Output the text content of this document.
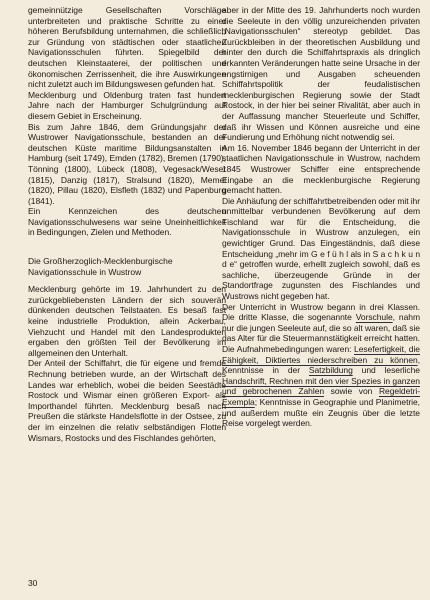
gemeinnützige Gesellschaften Vorschläge unterbreiteten und praktische Schritte zu einer höheren Berufsbildung unternahmen, die schließlich zur Gründung von städtischen oder staatlichen Navigationsschulen führten. Spiegelbild der deutschen Kleinstaaterei, der politischen und ökonomischen Zerrissenheit, die ihre Auswirkungen nicht zuletzt auch im Bildungswesen gefunden hat.

Mecklenburg und Oldenburg traten fast hundert Jahre nach der Hamburger Schulgründung auf diesem Gebiet in Erscheinung.

Bis zum Jahre 1846, dem Gründungsjahr der Wustrower Navigationsschule, bestanden an der deutschen Küste maritime Bildungsanstalten in Hamburg (seit 1749), Emden (1782), Bremen (1790), Tönning (1800), Lübeck (1808), Vegesack/Weser (1815), Danzig (1817), Stralsund (1820), Memel (1820), Pillau (1820), Elsfleth (1832) und Papenburg (1841).

Ein Kennzeichen des deutschen Navigationsschulwesens war seine Uneinheitlichkeit in Bedingungen, Zielen und Methoden.

Die Großherzoglich-Mecklenburgische Navigationsschule in Wustrow

Mecklenburg gehörte im 19. Jahrhundert zu den zurückgebliebensten Ländern der sich souverän dünkenden deutschen Teilstaaten. Es besaß fast keine industrielle Produktion, allein Ackerbau, Viehzucht und Handel mit den Landesprodukten ergaben den größten Teil der Bevölkerung im allgemeinen den Unterhalt.

Der Anteil der Schiffahrt, die für eigene und fremde Rechnung betrieben wurde, an der Wirtschaft des Landes war erheblich, wobei die beiden Seestädte Rostock und Wismar einen größeren Export- als Importhandel führten. Mecklenburg besaß nach Preußen die stärkste Handelsflotte in der Ostsee, zu der im einzelnen die relativ selbständigen Flotten Wismars, Rostocks und des Fischlandes gehörten,

aber in der Mitte des 19. Jahrhunderts noch wurden die Seeleute in den völlig unzureichenden privaten „Navigationsschulen“ stereotyp gebildet. Das Zurückbleiben in der theoretischen Ausbildung und hinter den durch die Schiffahrtspraxis als dringlich erkannten Veränderungen hatte seine Ursache in der engstirnigen und Ausgaben scheuenden Schiffahrtspolitik der feudalistischen mecklenburgischen Regierung sowie der Stadt Rostock, in der hier bei seiner Rivalität, aber auch in der Auffassung mancher Steuerleute und Schiffer, daß ihr Wissen und Können ausreiche und eine Fundierung und Erhöhung nicht notwendig sei.

Am 16. November 1846 begann der Unterricht in der staatlichen Navigationsschule in Wustrow, nachdem 1845 Wustrower Schiffer eine entsprechende Eingabe an die mecklenburgische Regierung gemacht hatten.

Die Anhäufung der schiffahrtbetreibenden oder mit ihr unmittelbar verbundenen Bevölkerung auf dem Fischland war für die Entscheidung, die Navigationsschule in Wustrow anzulegen, ein gewichtiger Grund. Das Eingeständnis, daß diese Entscheidung „mehr im G e f ü h l als in S a c h k u n d e“ getroffen wurde, erhellt zugleich sowohl, daß es sachliche, überzeugende Gründe in der Standortfrage zugunsten des Fischlandes und Wustrows nicht gegeben hat.

Der Unterricht in Wustrow begann in drei Klassen. Die dritte Klasse, die sogenannte Vorschule, nahm nur die jungen Seeleute auf, die so alt waren, daß sie das Alter für die Steuermannstätigkeit erreicht hatten. Die Aufnahmebedingungen waren: Lesefertigkeit, die Fähigkeit, Diktiertes niederschreiben zu können, Kenntnisse in der Satzbildung und leserliche Handschrift, Rechnen mit den vier Spezies in ganzen und gebrochenen Zahlen sowie von Regeldetri-Exempla; Kenntnisse in Geographie und Planimetrie, und außerdem mußte ein Zeugnis über die letzte Reise vorgelegt werden.

30
